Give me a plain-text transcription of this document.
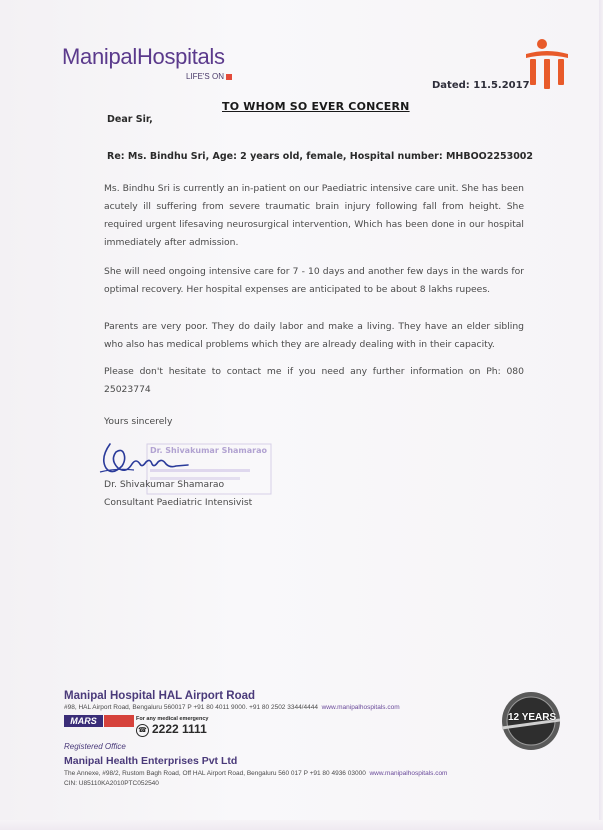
ManipalHospitals
LIFE'S ON
Dated: 11.5.2017
TO WHOM SO EVER CONCERN
Dear Sir,
Re: Ms. Bindhu Sri, Age: 2 years old, female, Hospital number: MHBOO2253002
Ms. Bindhu Sri is currently an in-patient on our Paediatric intensive care unit. She has been acutely ill suffering from severe traumatic brain injury following fall from height. She required urgent lifesaving neurosurgical intervention, Which has been done in our hospital immediately after admission.
She will need ongoing intensive care for 7 - 10 days and another few days in the wards for optimal recovery. Her hospital expenses are anticipated to be about 8 lakhs rupees.
Parents are very poor. They do daily labor and make a living. They have an elder sibling who also has medical problems which they are already dealing with in their capacity.
Please don't hesitate to contact me if you need any further information on Ph: 080 25023774
Yours sincerely
Dr. Shivakumar Shamarao
Dr. Shivakumar Shamarao
Consultant Paediatric Intensivist
Manipal Hospital HAL Airport Road
#98, HAL Airport Road, Bengaluru 560017 P +91 80 4011 9000. +91 80 2502 3344/4444 www.manipalhospitals.com
MARS	For any medical emergency
☎ 2222 1111
Registered Office
Manipal Health Enterprises Pvt Ltd
The Annexe, #98/2, Rustom Bagh Road, Off HAL Airport Road, Bengaluru 560 017 P +91 80 4936 03000 www.manipalhospitals.com
CIN: U85110KA2010PTC052540
12 YEARS
